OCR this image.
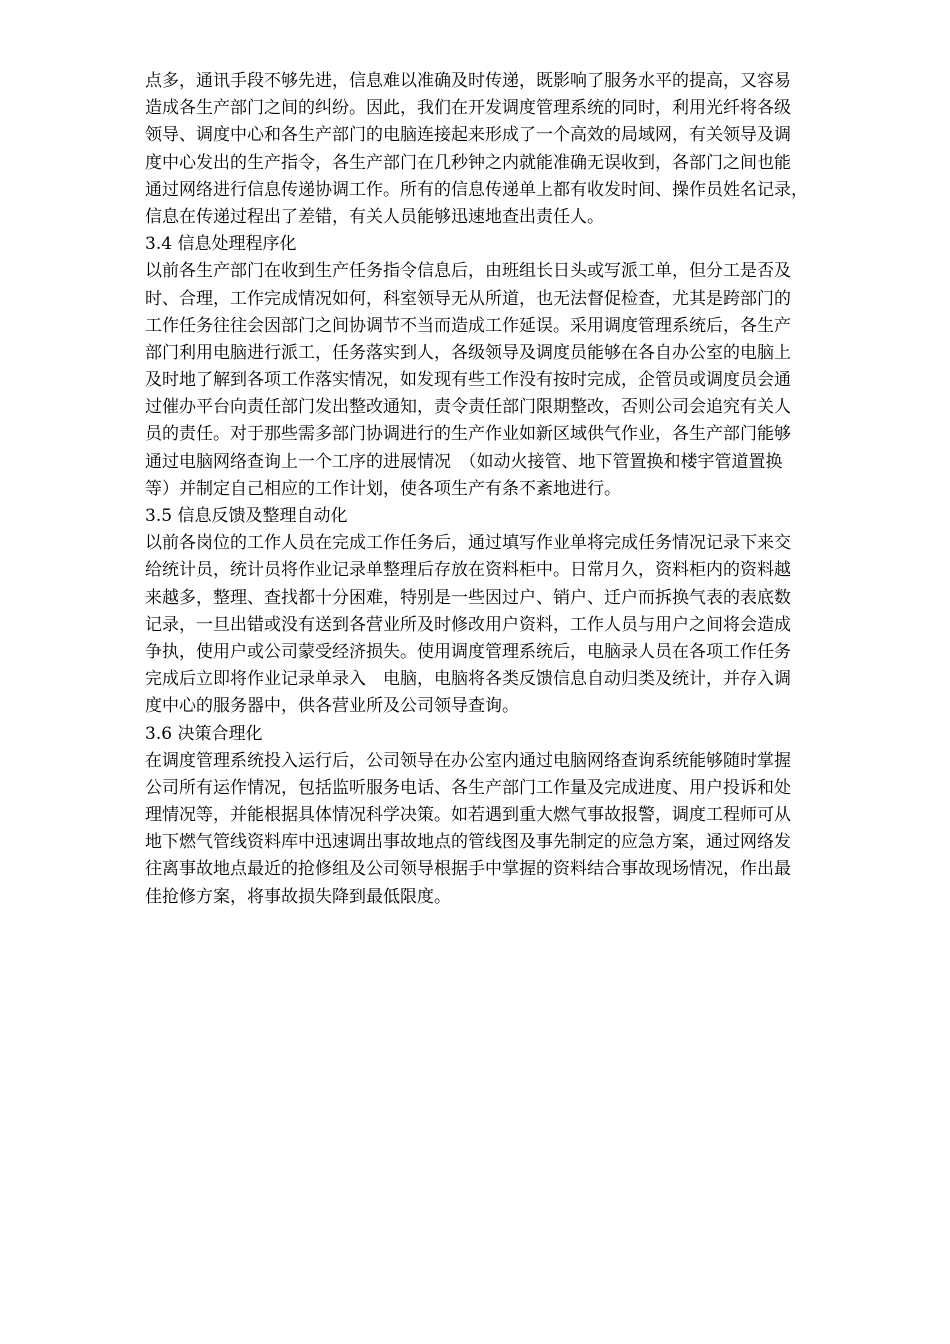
点多，通讯手段不够先进，信息难以准确及时传递，既影响了服务水平的提高，又容易
造成各生产部门之间的纠纷。因此，我们在开发调度管理系统的同时，利用光纤将各级
领导、调度中心和各生产部门的电脑连接起来形成了一个高效的局域网，有关领导及调
度中心发出的生产指令，各生产部门在几秒钟之内就能准确无误收到，各部门之间也能
通过网络进行信息传递协调工作。所有的信息传递单上都有收发时间、操作员姓名记录，
信息在传递过程出了差错，有关人员能够迅速地查出责任人。
3.4 信息处理程序化
以前各生产部门在收到生产任务指令信息后，由班组长日头或写派工单，但分工是否及
时、合理，工作完成情况如何，科室领导无从所道，也无法督促检查，尤其是跨部门的
工作任务往往会因部门之间协调节不当而造成工作延误。采用调度管理系统后，各生产
部门利用电脑进行派工，任务落实到人，各级领导及调度员能够在各自办公室的电脑上
及时地了解到各项工作落实情况，如发现有些工作没有按时完成，企管员或调度员会通
过催办平台向责任部门发出整改通知，责令责任部门限期整改，否则公司会追究有关人
员的责任。对于那些需多部门协调进行的生产作业如新区域供气作业，各生产部门能够
通过电脑网络查询上一个工序的进展情况　（如动火接管、地下管置换和楼宇管道置换
等）并制定自己相应的工作计划，使各项生产有条不紊地进行。
3.5 信息反馈及整理自动化
以前各岗位的工作人员在完成工作任务后，通过填写作业单将完成任务情况记录下来交
给统计员，统计员将作业记录单整理后存放在资料柜中。日常月久，资料柜内的资料越
来越多，整理、查找都十分困难，特别是一些因过户、销户、迁户而拆换气表的表底数
记录，一旦出错或没有送到各营业所及时修改用户资料，工作人员与用户之间将会造成
争执，使用户或公司蒙受经济损失。使用调度管理系统后，电脑录人员在各项工作任务
完成后立即将作业记录单录入　电脑，电脑将各类反馈信息自动归类及统计，并存入调
度中心的服务器中，供各营业所及公司领导查询。
3.6 决策合理化
在调度管理系统投入运行后，公司领导在办公室内通过电脑网络查询系统能够随时掌握
公司所有运作情况，包括监听服务电话、各生产部门工作量及完成进度、用户投诉和处
理情况等，并能根据具体情况科学决策。如若遇到重大燃气事故报警，调度工程师可从
地下燃气管线资料库中迅速调出事故地点的管线图及事先制定的应急方案，通过网络发
往离事故地点最近的抢修组及公司领导根据手中掌握的资料结合事故现场情况，作出最
佳抢修方案，将事故损失降到最低限度。
